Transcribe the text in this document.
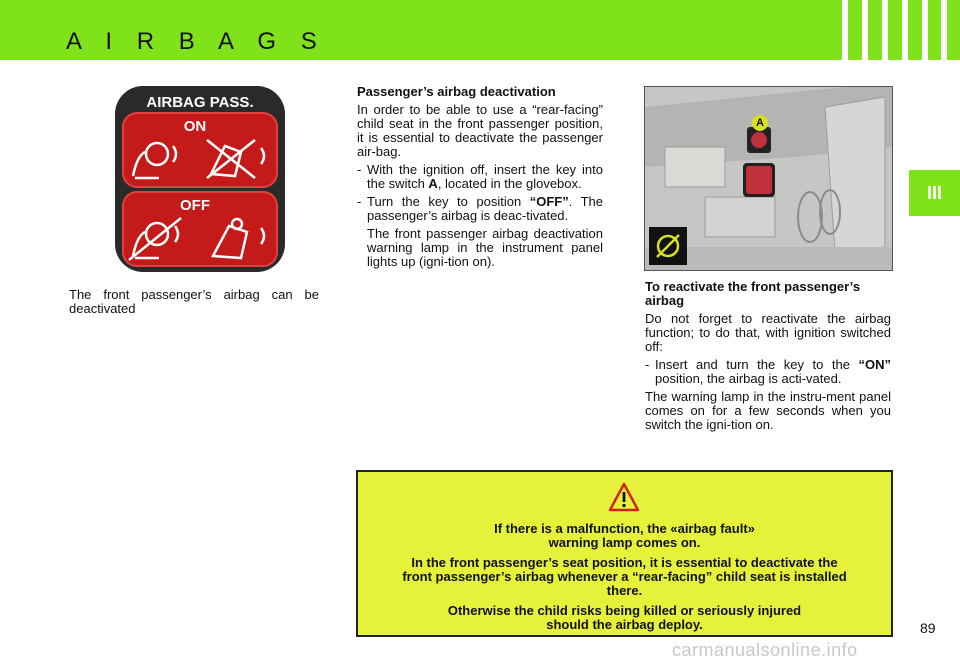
A I R B A G S
III
AIRBAG PASS.
ON
OFF
The front passenger’s airbag can be deactivated
Passenger’s airbag deactivation
In order to be able to use a “rear-facing” child seat in the front passenger position, it is essential to deactivate the passenger air-bag.
- With the ignition off, insert the key into the switch A, located in the glovebox.
- Turn the key to position “OFF”. The passenger’s airbag is deac-tivated.
The front passenger airbag deactivation warning lamp in the instrument panel lights up (igni-tion on).
A
To reactivate the front passenger’s airbag
Do not forget to reactivate the airbag function; to do that, with ignition switched off:
- Insert and turn the key to the “ON” position, the airbag is acti-vated.
The warning lamp in the instru-ment panel comes on for a few seconds when you switch the igni-tion on.

If there is a malfunction, the «airbag fault» warning lamp comes on.

In the front passenger’s seat position, it is essential to deactivate the front passenger’s airbag whenever a “rear-facing” child seat is installed there.

Otherwise the child risks being killed or seriously injured should the airbag deploy.	89
carmanualsonline.info
